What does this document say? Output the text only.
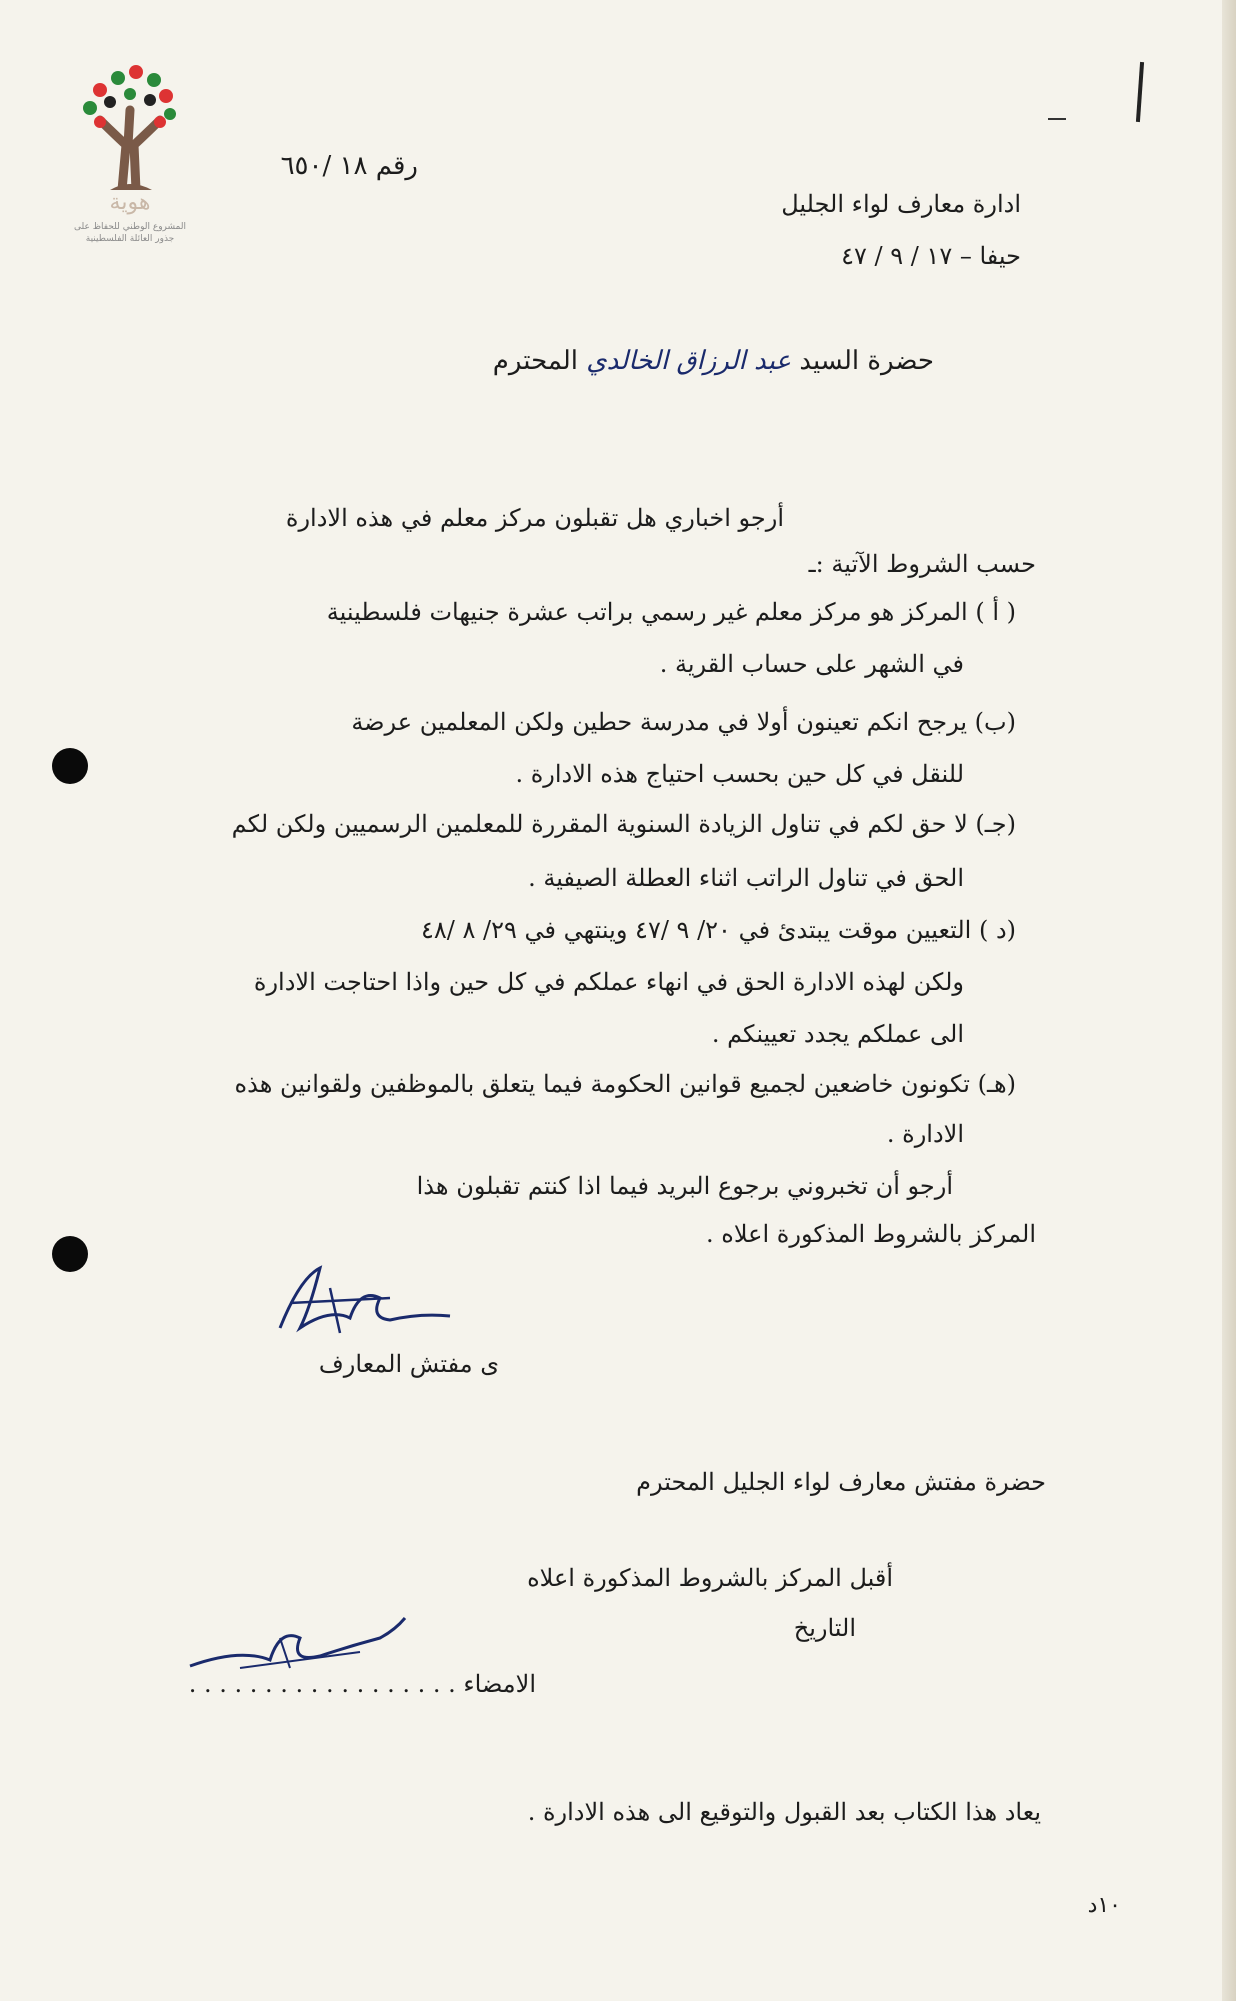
هوية
المشروع الوطني للحفاظ على
جذور العائلة الفلسطينية
رقم ١٨ /٦٥٠
ادارة معارف لواء الجليل
حيفا – ١٧ / ٩ / ٤٧
حضرة السيد عبد الرزاق الخالدي المحترم
أرجو اخباري هل تقبلون مركز معلم في هذه الادارة
حسب الشروط الآتية :ـ
( أ ) المركز هو مركز معلم غير رسمي براتب عشرة جنيهات فلسطينية
في الشهر على حساب القرية .
(ب) يرجح انكم تعينون أولا في مدرسة حطين ولكن المعلمين عرضة
للنقل في كل حين بحسب احتياج هذه الادارة .
(جـ) لا حق لكم في تناول الزيادة السنوية المقررة للمعلمين الرسميين ولكن لكم
الحق في تناول الراتب اثناء العطلة الصيفية .
(د ) التعيين موقت يبتدئ في ٢٠/ ٩ /٤٧ وينتهي في ٢٩/ ٨ /٤٨
ولكن لهذه الادارة الحق في انهاء عملكم في كل حين واذا احتاجت الادارة
الى عملكم يجدد تعيينكم .
(هـ) تكونون خاضعين لجميع قوانين الحكومة فيما يتعلق بالموظفين ولقوانين هذه
الادارة .
أرجو أن تخبروني برجوع البريد فيما اذا كنتم تقبلون هذا
المركز بالشروط المذكورة اعلاه .
ى مفتش المعارف
حضرة مفتش معارف لواء الجليل المحترم
أقبل المركز بالشروط المذكورة اعلاه
التاريخ
الامضاء . . . . . . . . . . . . . . . . . .
يعاد هذا الكتاب بعد القبول والتوقيع الى هذه الادارة .
١٠د
